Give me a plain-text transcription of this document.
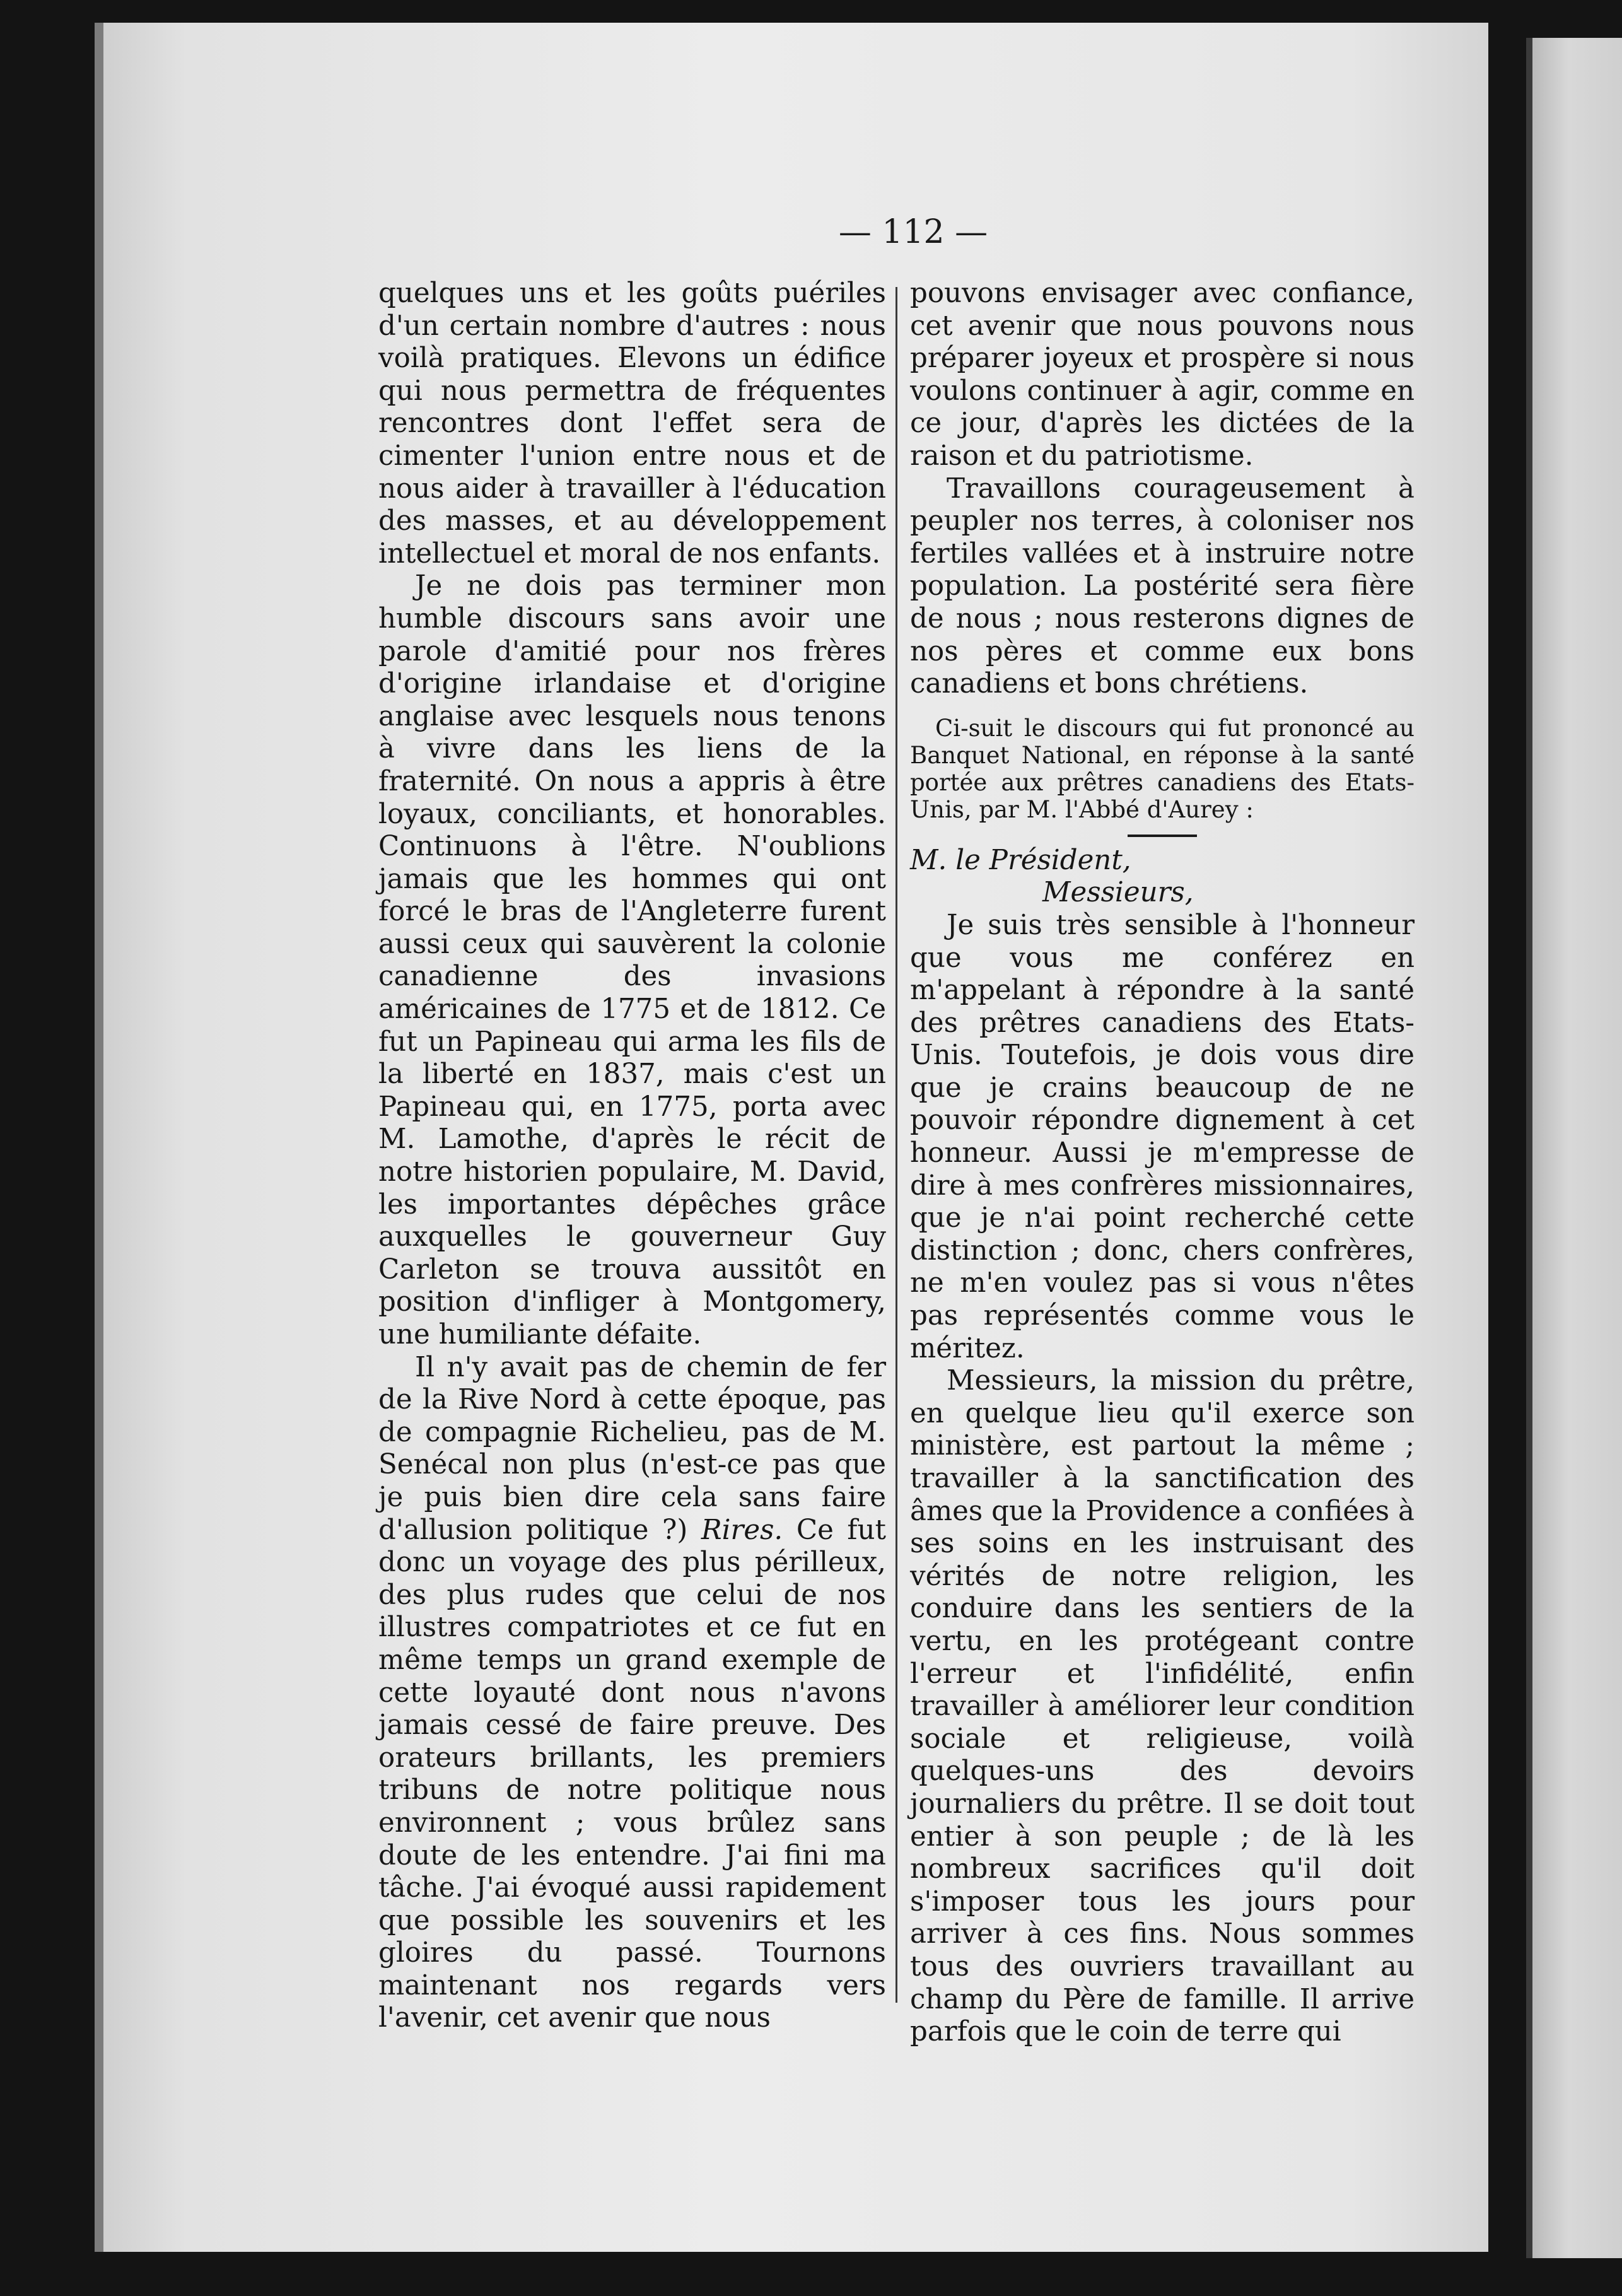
— 112 —

quelques uns et les goûts puériles d'un certain nombre d'autres : nous voilà pratiques. Elevons un édifice qui nous permettra de fréquentes rencontres dont l'effet sera de cimenter l'union entre nous et de nous aider à travailler à l'éducation des masses, et au développement intellectuel et moral de nos enfants.

Je ne dois pas terminer mon humble discours sans avoir une parole d'amitié pour nos frères d'origine irlandaise et d'origine anglaise avec lesquels nous tenons à vivre dans les liens de la fraternité. On nous a appris à être loyaux, conciliants, et honorables. Continuons à l'être. N'oublions jamais que les hommes qui ont forcé le bras de l'Angleterre furent aussi ceux qui sauvèrent la colonie canadienne des invasions américaines de 1775 et de 1812. Ce fut un Papineau qui arma les fils de la liberté en 1837, mais c'est un Papineau qui, en 1775, porta avec M. Lamothe, d'après le récit de notre historien populaire, M. David, les importantes dépêches grâce auxquelles le gouverneur Guy Carleton se trouva aussitôt en position d'infliger à Montgomery, une humiliante défaite.

Il n'y avait pas de chemin de fer de la Rive Nord à cette époque, pas de compagnie Richelieu, pas de M. Senécal non plus (n'est-ce pas que je puis bien dire cela sans faire d'allusion politique ?) Rires. Ce fut donc un voyage des plus périlleux, des plus rudes que celui de nos illustres compatriotes et ce fut en même temps un grand exemple de cette loyauté dont nous n'avons jamais cessé de faire preuve. Des orateurs brillants, les premiers tribuns de notre politique nous environnent ; vous brûlez sans doute de les entendre. J'ai fini ma tâche. J'ai évoqué aussi rapidement que possible les souvenirs et les gloires du passé. Tournons maintenant nos regards vers l'avenir, cet avenir que nous

pouvons envisager avec confiance, cet avenir que nous pouvons nous préparer joyeux et prospère si nous voulons continuer à agir, comme en ce jour, d'après les dictées de la raison et du patriotisme.

Travaillons courageusement à peupler nos terres, à coloniser nos fertiles vallées et à instruire notre population. La postérité sera fière de nous ; nous resterons dignes de nos pères et comme eux bons canadiens et bons chrétiens.

Ci-suit le discours qui fut prononcé au Banquet National, en réponse à la santé portée aux prêtres canadiens des Etats-Unis, par M. l'Abbé d'Aurey :

M. le Président,

Messieurs,

Je suis très sensible à l'honneur que vous me conférez en m'appelant à répondre à la santé des prêtres canadiens des Etats-Unis. Toutefois, je dois vous dire que je crains beaucoup de ne pouvoir répondre dignement à cet honneur. Aussi je m'empresse de dire à mes confrères missionnaires, que je n'ai point recherché cette distinction ; donc, chers confrères, ne m'en voulez pas si vous n'êtes pas représentés comme vous le méritez.

Messieurs, la mission du prêtre, en quelque lieu qu'il exerce son ministère, est partout la même ; travailler à la sanctification des âmes que la Providence a confiées à ses soins en les instruisant des vérités de notre religion, les conduire dans les sentiers de la vertu, en les protégeant contre l'erreur et l'infidélité, enfin travailler à améliorer leur condition sociale et religieuse, voilà quelques-uns des devoirs journaliers du prêtre. Il se doit tout entier à son peuple ; de là les nombreux sacrifices qu'il doit s'imposer tous les jours pour arriver à ces fins. Nous sommes tous des ouvriers travaillant au champ du Père de famille. Il arrive parfois que le coin de terre qui
